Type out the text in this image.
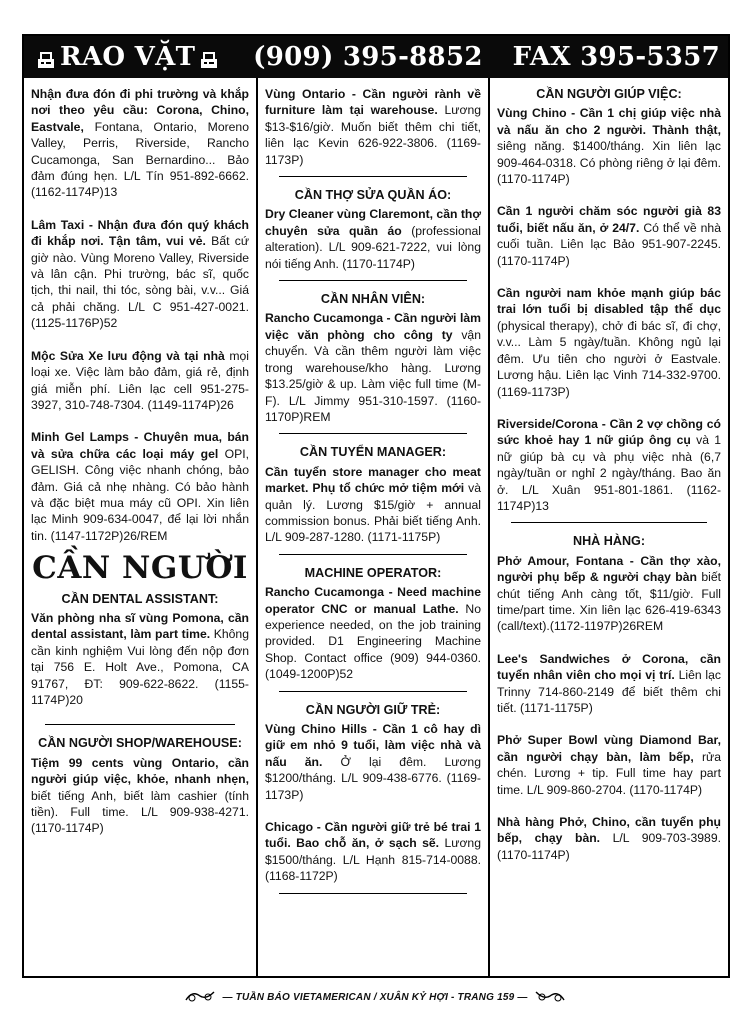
RAO VẶT (909) 395-8852 FAX 395-5357

Nhận đưa đón đi phi trường và khắp nơi theo yêu cầu: Corona, Chino, Eastvale, Fontana, Ontario, Moreno Valley, Perris, Riverside, Rancho Cucamonga, San Bernardino... Bảo đảm đúng hẹn. L/L Tín 951-892-6662. (1162-1174P)13

Lâm Taxi - Nhận đưa đón quý khách đi khắp nơi. Tận tâm, vui vẻ. Bất cứ giờ nào. Vùng Moreno Valley, Riverside và lân cận. Phi trường, bác sĩ, quốc tịch, thi nail, thi tóc, sòng bài, v.v... Giá cả phải chăng. L/L C 951-427-0021. (1125-1176P)52

Mộc Sửa Xe lưu động và tại nhà mọi loại xe. Việc làm bảo đảm, giá rẻ, định giá miễn phí. Liên lạc cell 951-275-3927, 310-748-7304. (1149-1174P)26

Minh Gel Lamps - Chuyên mua, bán và sửa chữa các loại máy gel OPI, GELISH. Công việc nhanh chóng, bảo đảm. Giá cả nhẹ nhàng. Có bảo hành và đặc biệt mua máy cũ OPI. Xin liên lạc Minh 909-634-0047, để lại lời nhắn tin. (1147-1172P)26/REM

CẦN NGƯỜI
CẦN DENTAL ASSISTANT:

Văn phòng nha sĩ vùng Pomona, cần dental assistant, làm part time. Không cần kinh nghiệm Vui lòng đến nộp đơn tại 756 E. Holt Ave., Pomona, CA 91767, ĐT: 909-622-8622. (1155-1174P)20

CẦN NGƯỜI SHOP/WAREHOUSE:

Tiệm 99 cents vùng Ontario, cần người giúp việc, khỏe, nhanh nhẹn, biết tiếng Anh, biết làm cashier (tính tiền). Full time. L/L 909-938-4271. (1170-1174P)

Vùng Ontario - Cần người rành về furniture làm tại warehouse. Lương $13-$16/giờ. Muốn biết thêm chi tiết, liên lạc Kevin 626-922-3806. (1169-1173P)

CẦN THỢ SỬA QUẦN ÁO:

Dry Cleaner vùng Claremont, cần thợ chuyên sửa quần áo (professional alteration). L/L 909-621-7222, vui lòng nói tiếng Anh. (1170-1174P)

CẦN NHÂN VIÊN:

Rancho Cucamonga - Cần người làm việc văn phòng cho công ty vận chuyển. Và cần thêm người làm việc trong warehouse/kho hàng. Lương $13.25/giờ & up. Làm việc full time (M-F). L/L Jimmy 951-310-1597. (1160-1170P)REM

CẦN TUYỂN MANAGER:

Cần tuyển store manager cho meat market. Phụ tổ chức mở tiệm mới và quản lý. Lương $15/giờ + annual commission bonus. Phải biết tiếng Anh. L/L 909-287-1280. (1171-1175P)

MACHINE OPERATOR:

Rancho Cucamonga - Need machine operator CNC or manual Lathe. No experience needed, on the job training provided. D1 Engineering Machine Shop. Contact office (909) 944-0360. (1049-1200P)52

CẦN NGƯỜI GIỮ TRẺ:

Vùng Chino Hills - Cần 1 cô hay dì giữ em nhỏ 9 tuổi, làm việc nhà và nấu ăn. Ở lại đêm. Lương $1200/tháng. L/L 909-438-6776. (1169-1173P)

Chicago - Cần người giữ trẻ bé trai 1 tuổi. Bao chỗ ăn, ở sạch sẽ. Lương $1500/tháng. L/L Hạnh 815-714-0088. (1168-1172P)

CẦN NGƯỜI GIÚP VIỆC:

Vùng Chino - Cần 1 chị giúp việc nhà và nấu ăn cho 2 người. Thành thật, siêng năng. $1400/tháng. Xin liên lạc 909-464-0318. Có phòng riêng ở lại đêm. (1170-1174P)

Cần 1 người chăm sóc người già 83 tuổi, biết nấu ăn, ở 24/7. Có thể về nhà cuối tuần. Liên lạc Bảo 951-907-2245. (1170-1174P)

Cần người nam khỏe mạnh giúp bác trai lớn tuổi bị disabled tập thể dục (physical therapy), chở đi bác sĩ, đi chợ, v.v... Làm 5 ngày/tuần. Không ngủ lại đêm. Ưu tiên cho người ở Eastvale. Lương hậu. Liên lạc Vinh 714-332-9700. (1169-1173P)

Riverside/Corona - Cần 2 vợ chồng có sức khoẻ hay 1 nữ giúp ông cụ và 1 nữ giúp bà cụ và phụ việc nhà (6,7 ngày/tuần or nghỉ 2 ngày/tháng. Bao ăn ở. L/L Xuân 951-801-1861. (1162-1174P)13

NHÀ HÀNG:

Phở Amour, Fontana - Cần thợ xào, người phụ bếp & người chạy bàn biết chút tiếng Anh càng tốt, $11/giờ. Full time/part time. Xin liên lạc 626-419-6343 (call/text).(1172-1197P)26REM

Lee's Sandwiches ở Corona, cần tuyển nhân viên cho mọi vị trí. Liên lạc Trinny 714-860-2149 để biết thêm chi tiết. (1171-1175P)

Phở Super Bowl vùng Diamond Bar, cần người chạy bàn, làm bếp, rửa chén. Lương + tip. Full time hay part time. L/L 909-860-2704. (1170-1174P)

Nhà hàng Phở, Chino, cần tuyển phụ bếp, chạy bàn. L/L 909-703-3989. (1170-1174P)

— TUẦN BÁO VIETAMERICAN / XUÂN KỶ HỢI - TRANG 159 —
